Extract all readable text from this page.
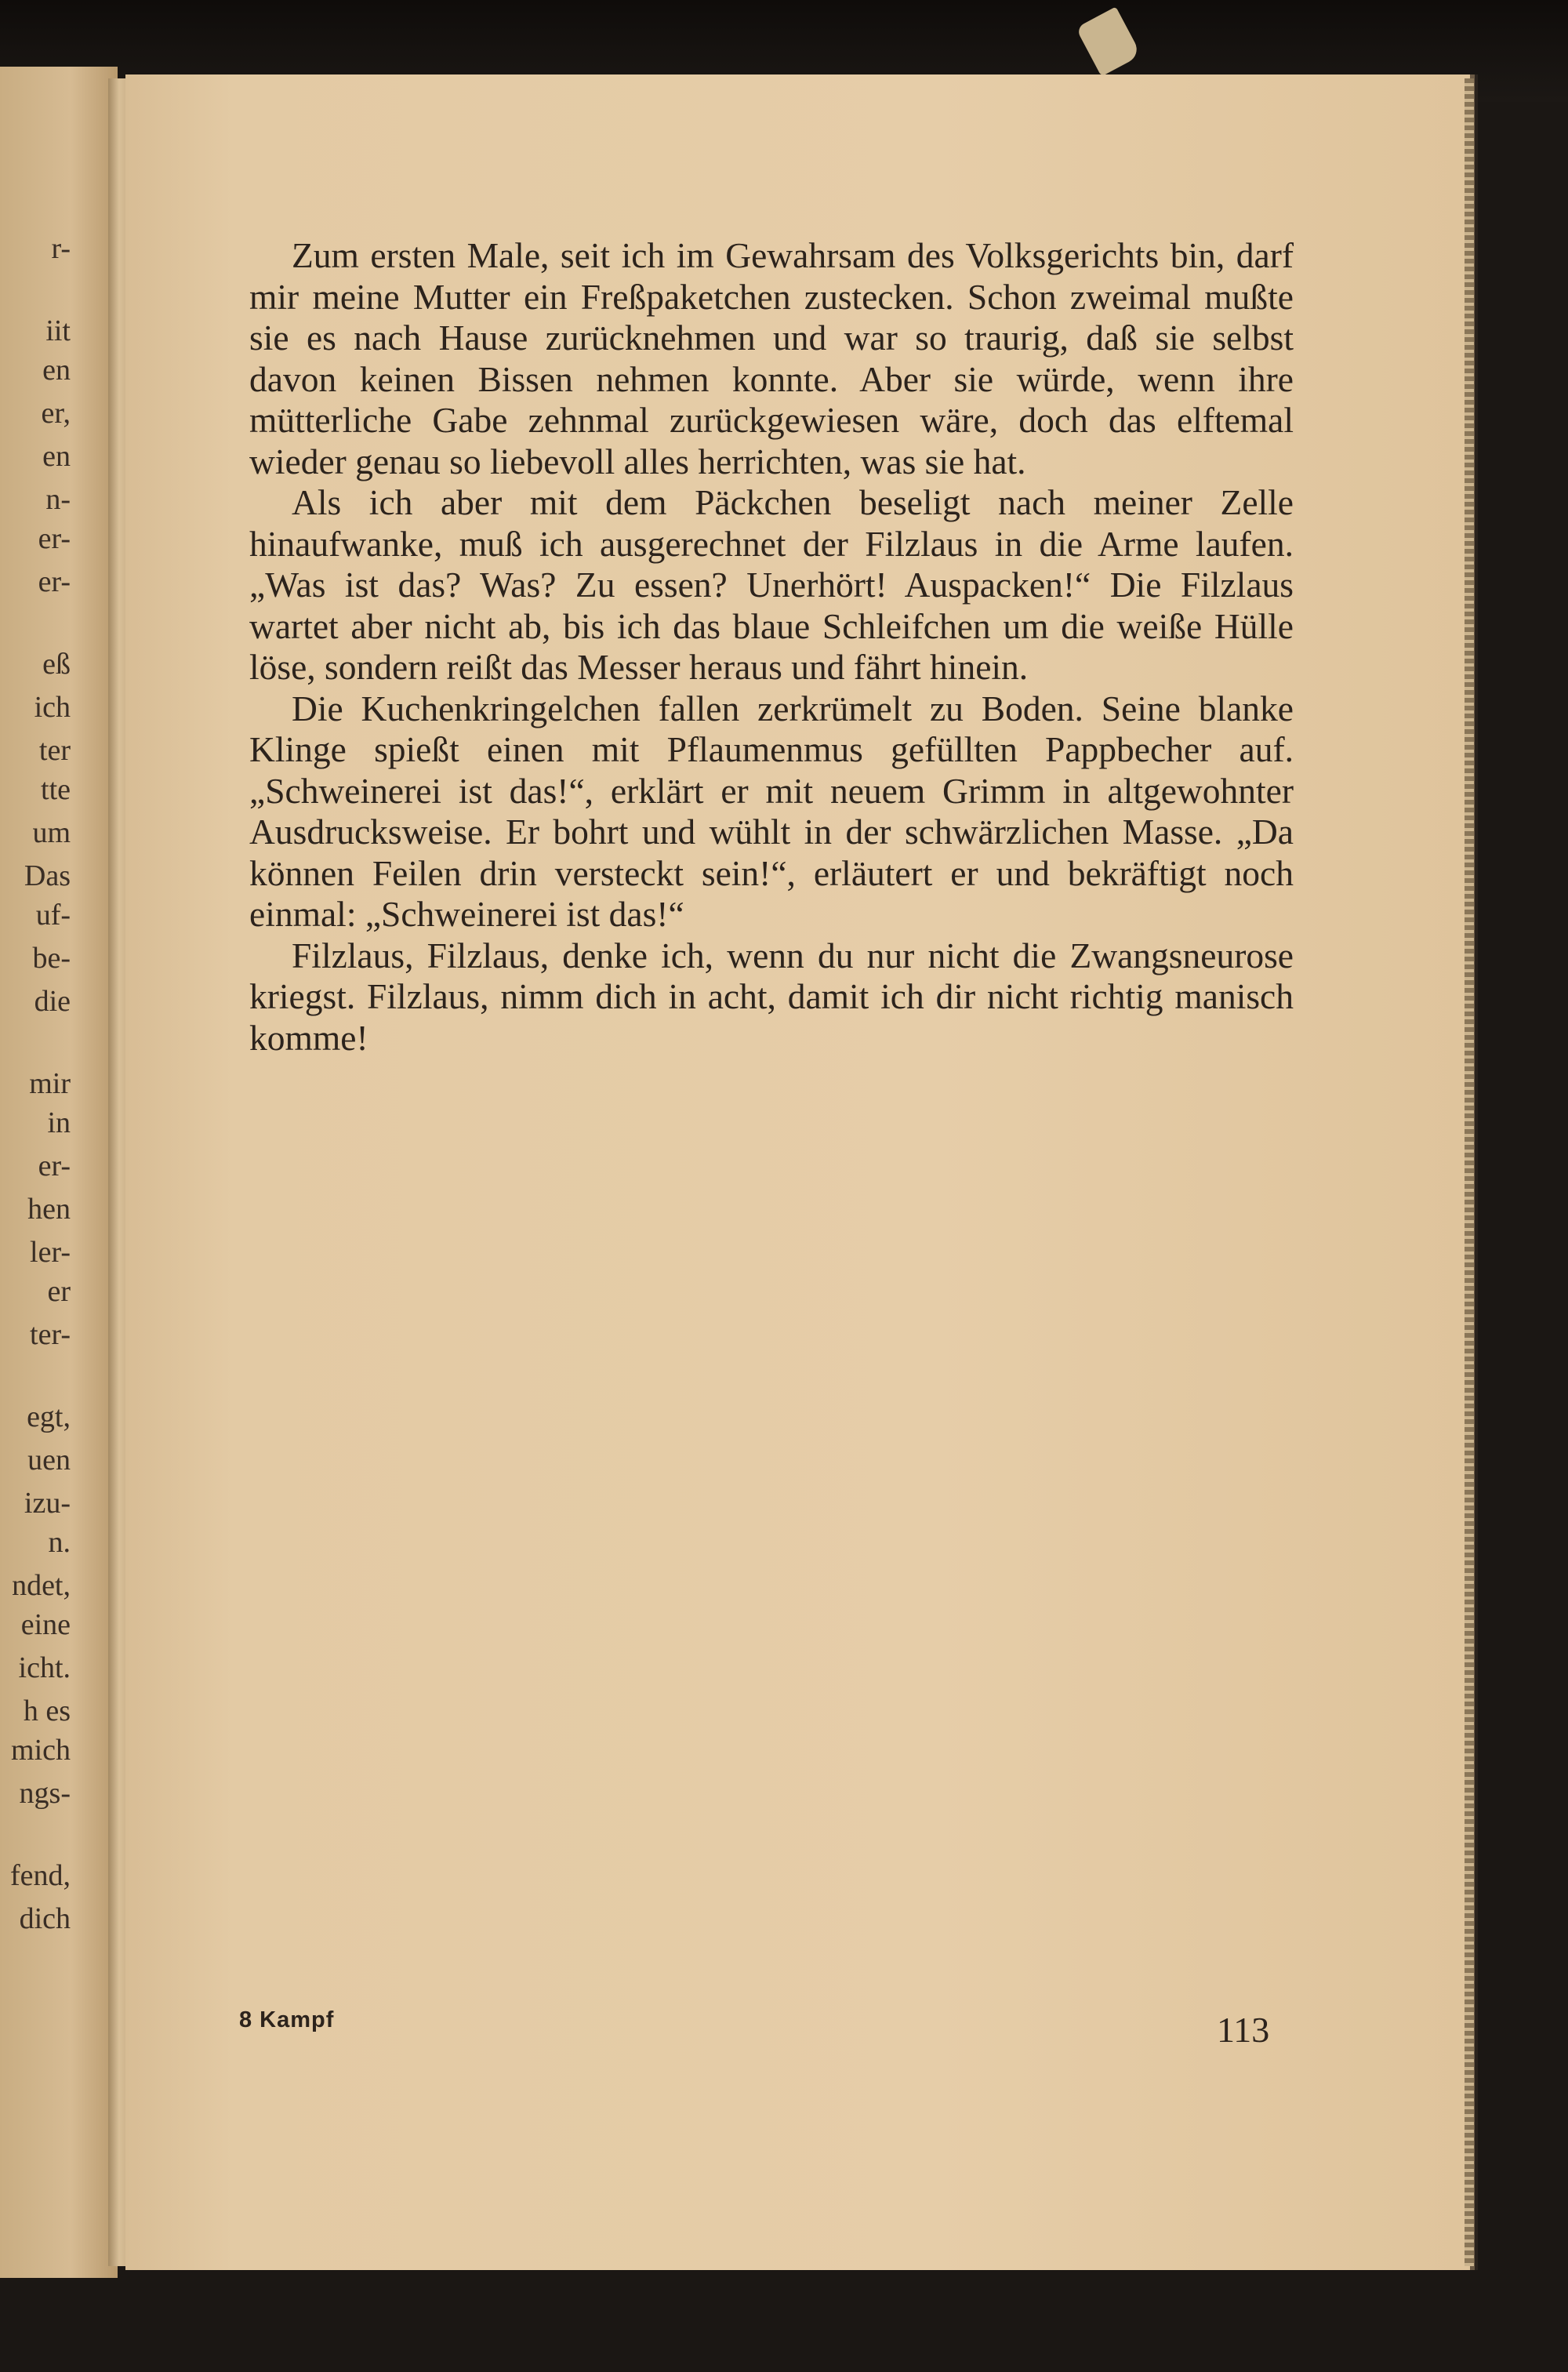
r-
iit
en
er,
en
n-
er-
er-
eß
ich
ter
tte
um
Das
uf-
be-
die
mir
in
er-
hen
ler-
er
ter-
egt,
uen
izu-
n.
ndet,
eine
icht.
h es
mich
ngs-
fend,
dich

Zum ersten Male, seit ich im Gewahrsam des Volksgerichts bin, darf mir meine Mutter ein Freßpaketchen zustecken. Schon zweimal mußte sie es nach Hause zurücknehmen und war so traurig, daß sie selbst davon keinen Bissen nehmen konnte. Aber sie würde, wenn ihre mütterliche Gabe zehnmal zurückgewiesen wäre, doch das elftemal wieder genau so liebevoll alles herrichten, was sie hat.

Als ich aber mit dem Päckchen beseligt nach meiner Zelle hinaufwanke, muß ich ausgerechnet der Filzlaus in die Arme laufen. „Was ist das? Was? Zu essen? Unerhört! Auspacken!“ Die Filzlaus wartet aber nicht ab, bis ich das blaue Schleifchen um die weiße Hülle löse, sondern reißt das Messer heraus und fährt hinein.

Die Kuchenkringelchen fallen zerkrümelt zu Boden. Seine blanke Klinge spießt einen mit Pflaumenmus gefüllten Pappbecher auf. „Schweinerei ist das!“, erklärt er mit neuem Grimm in altgewohnter Ausdrucksweise. Er bohrt und wühlt in der schwärzlichen Masse. „Da können Feilen drin versteckt sein!“, erläutert er und bekräftigt noch einmal: „Schweinerei ist das!“

Filzlaus, Filzlaus, denke ich, wenn du nur nicht die Zwangsneurose kriegst. Filzlaus, nimm dich in acht, damit ich dir nicht richtig manisch komme!

8 Kampf	113
